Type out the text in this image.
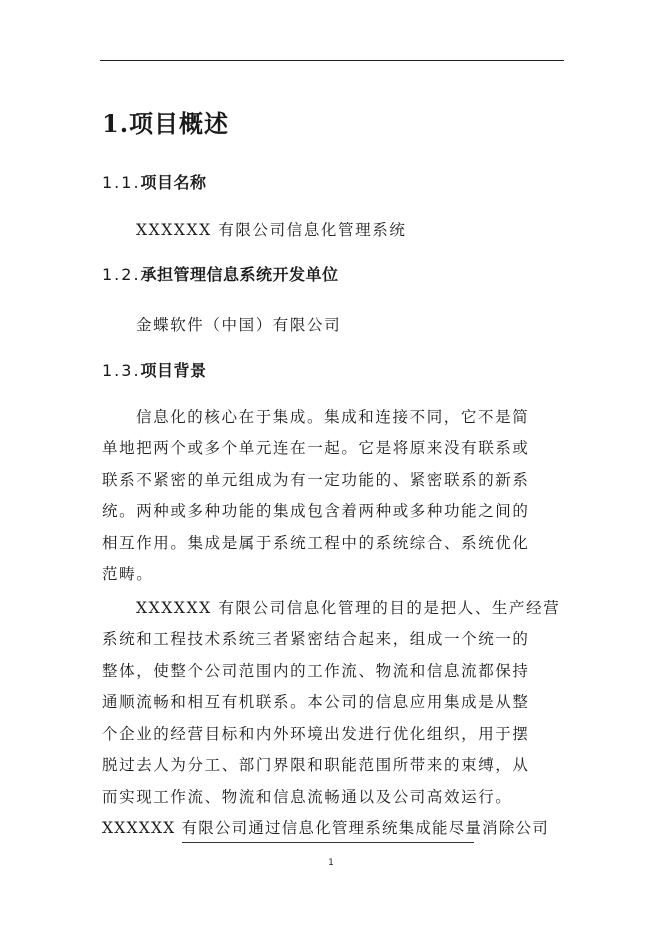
1.项目概述
1.1.项目名称
XXXXXX 有限公司信息化管理系统
1.2.承担管理信息系统开发单位
金蝶软件（中国）有限公司
1.3.项目背景
信息化的核心在于集成。集成和连接不同，它不是简
单地把两个或多个单元连在一起。它是将原来没有联系或
联系不紧密的单元组成为有一定功能的、紧密联系的新系
统。两种或多种功能的集成包含着两种或多种功能之间的
相互作用。集成是属于系统工程中的系统综合、系统优化
范畴。
XXXXXX 有限公司信息化管理的目的是把人、生产经营
系统和工程技术系统三者紧密结合起来，组成一个统一的
整体，使整个公司范围内的工作流、物流和信息流都保持
通顺流畅和相互有机联系。本公司的信息应用集成是从整
个企业的经营目标和内外环境出发进行优化组织，用于摆
脱过去人为分工、部门界限和职能范围所带来的束缚，从
而实现工作流、物流和信息流畅通以及公司高效运行。
XXXXXX 有限公司通过信息化管理系统集成能尽量消除公司
1
